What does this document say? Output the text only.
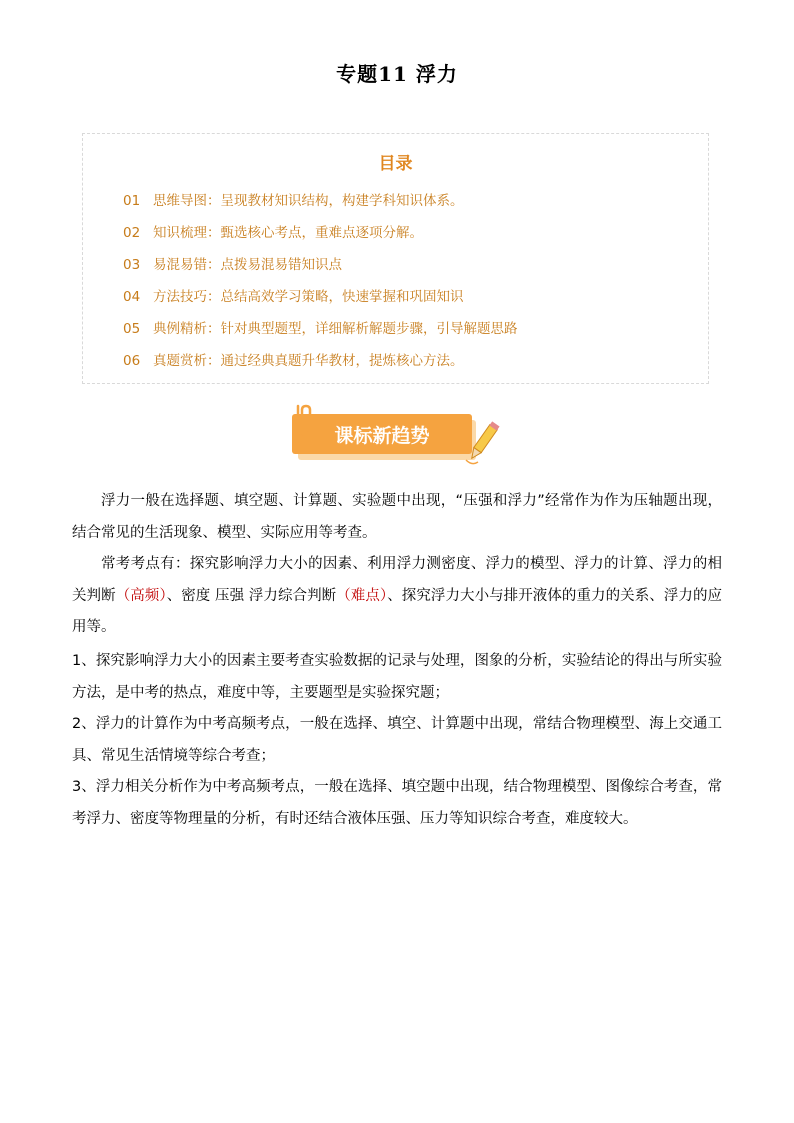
专题11 浮力
目录
01 思维导图：呈现教材知识结构，构建学科知识体系。
02 知识梳理：甄选核心考点，重难点逐项分解。
03 易混易错：点拨易混易错知识点
04 方法技巧：总结高效学习策略，快速掌握和巩固知识
05 典例精析：针对典型题型，详细解析解题步骤，引导解题思路
06 真题赏析：通过经典真题升华教材，提炼核心方法。
课标新趋势
浮力一般在选择题、填空题、计算题、实验题中出现，“压强和浮力”经常作为作为压轴题出现，结合常见的生活现象、模型、实际应用等考查。
常考考点有：探究影响浮力大小的因素、利用浮力测密度、浮力的模型、浮力的计算、浮力的相关判断（高频）、密度 压强 浮力综合判断（难点）、探究浮力大小与排开液体的重力的关系、浮力的应用等。
1、探究影响浮力大小的因素主要考查实验数据的记录与处理，图象的分析，实验结论的得出与所实验方法，是中考的热点，难度中等，主要题型是实验探究题；
2、浮力的计算作为中考高频考点，一般在选择、填空、计算题中出现，常结合物理模型、海上交通工具、常见生活情境等综合考查；
3、浮力相关分析作为中考高频考点，一般在选择、填空题中出现，结合物理模型、图像综合考查，常考浮力、密度等物理量的分析，有时还结合液体压强、压力等知识综合考查，难度较大。
